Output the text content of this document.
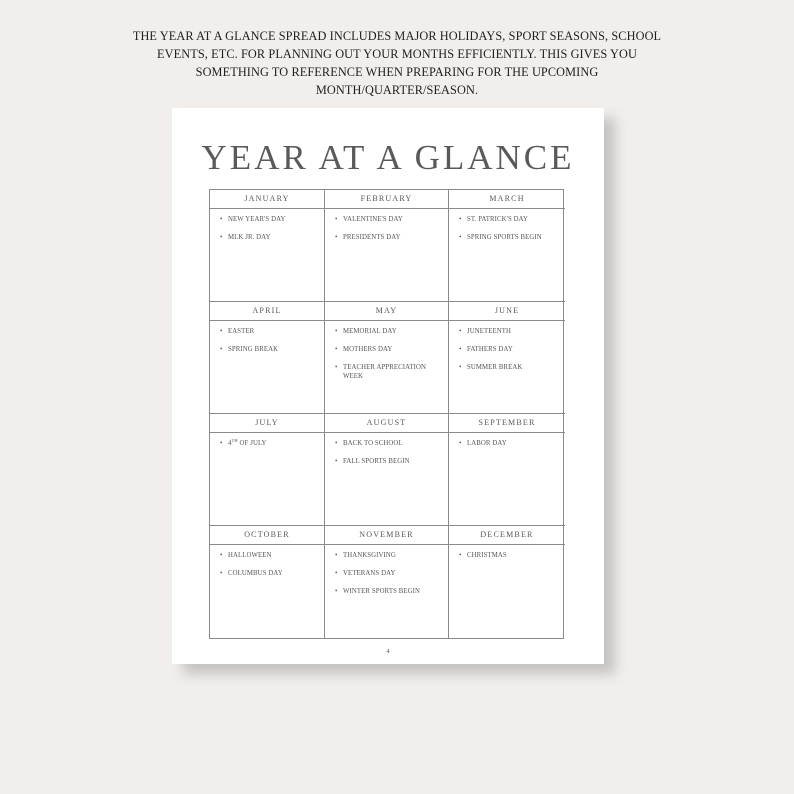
THE YEAR AT A GLANCE SPREAD INCLUDES MAJOR HOLIDAYS, SPORT SEASONS, SCHOOL EVENTS, ETC. FOR PLANNING OUT YOUR MONTHS EFFICIENTLY. THIS GIVES YOU SOMETHING TO REFERENCE WHEN PREPARING FOR THE UPCOMING MONTH/QUARTER/SEASON.
YEAR AT A GLANCE
JANUARY
• NEW YEAR'S DAY
• MLK JR. DAY
FEBRUARY
• VALENTINE'S DAY
• PRESIDENTS DAY
MARCH
• ST. PATRICK'S DAY
• SPRING SPORTS BEGIN
APRIL
• EASTER
• SPRING BREAK
MAY
• MEMORIAL DAY
• MOTHERS DAY
• TEACHER APPRECIATION WEEK
JUNE
• JUNETEENTH
• FATHERS DAY
• SUMMER BREAK
JULY
• 4TH OF JULY
AUGUST
• BACK TO SCHOOL
• FALL SPORTS BEGIN
SEPTEMBER
• LABOR DAY
OCTOBER
• HALLOWEEN
• COLUMBUS DAY
NOVEMBER
• THANKSGIVING
• VETERANS DAY
• WINTER SPORTS BEGIN
DECEMBER
• CHRISTMAS
4
